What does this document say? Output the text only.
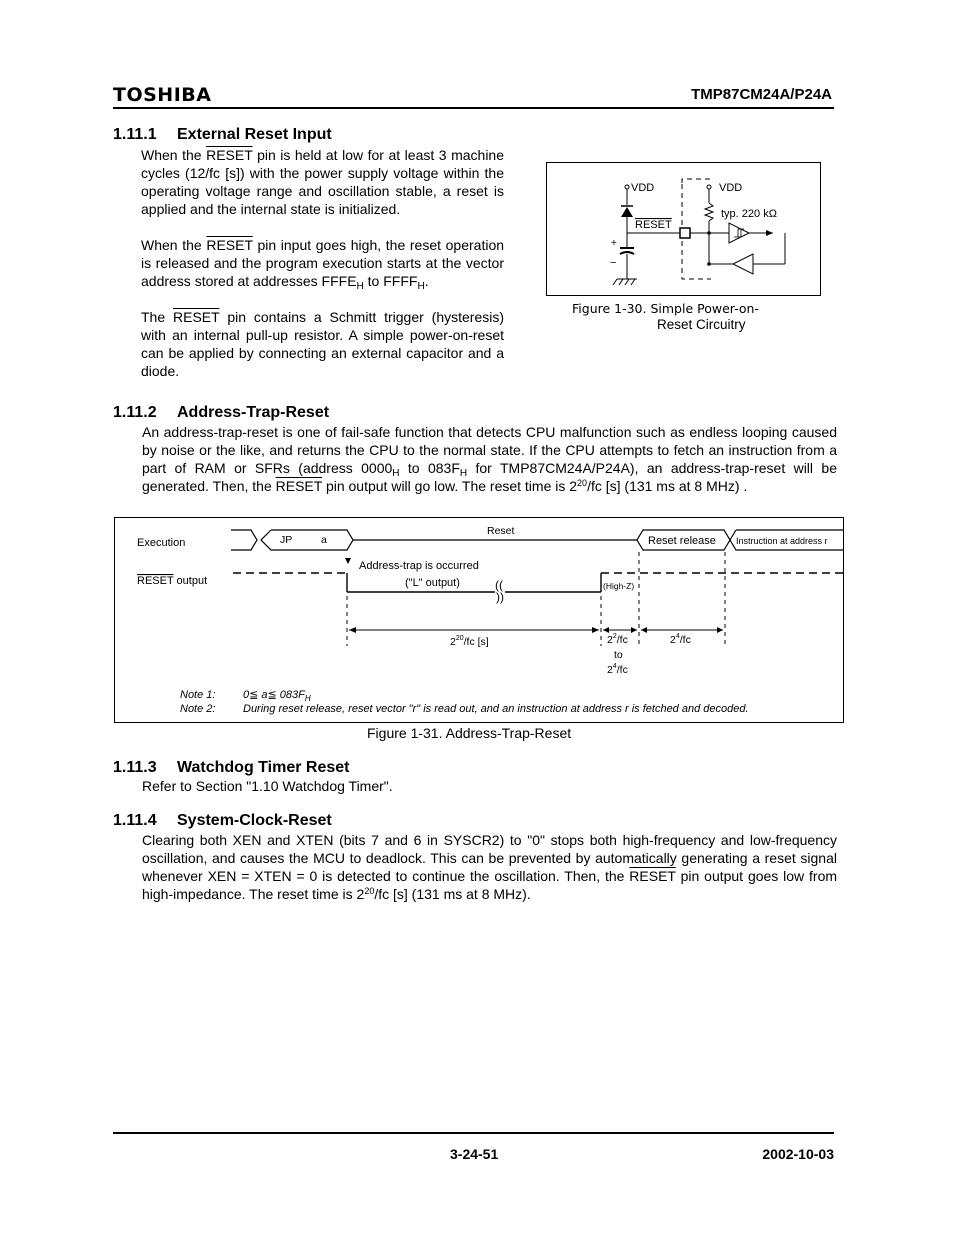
TOSHIBA	TMP87CM24A/P24A
1.11.1 External Reset Input
When the RESET pin is held at low for at least 3 machine cycles (12/fc [s]) with the power supply voltage within the operating voltage range and oscillation stable, a reset is applied and the internal state is initialized.
When the RESET pin input goes high, the reset operation is released and the program execution starts at the vector address stored at addresses $FFFE_H$ to $FFFF_H$.
The RESET pin contains a Schmitt trigger (hysteresis) with an internal pull-up resistor. A simple power-on-reset can be applied by connecting an external capacitor and a diode.
VDD
+
−
RESET
VDD
typ. 220 kΩ
Figure 1-30. Simple Power-on-
Reset Circuitry
1.11.2 Address-Trap-Reset
An address-trap-reset is one of fail-safe function that detects CPU malfunction such as endless looping caused by noise or the like, and returns the CPU to the normal state. If the CPU attempts to fetch an instruction from a part of RAM or SFRs (address $0000_H$ to $083F_H$ for TMP87CM24A/P24A), an address-trap-reset will be generated. Then, the RESET pin output will go low. The reset time is $2^{20}/fc$ [s] (131 ms at 8 MHz) .
Execution
RESET output
JP	a
Reset
Reset release Instruction at address r
((
))
Address-trap is occurred
("L" output)	(High-Z)
$2^{20}/fc$ [s]	$2^2/fc$
to
$2^4/fc$
$2^4/fc$
Note 1:	0≦ a≦ $083F_H$
Note 2:	During reset release, reset vector "r" is read out, and an instruction at address r is fetched and decoded.
Figure 1-31. Address-Trap-Reset
1.11.3 Watchdog Timer Reset
Refer to Section "1.10 Watchdog Timer".
1.11.4 System-Clock-Reset
Clearing both XEN and XTEN (bits 7 and 6 in SYSCR2) to "0" stops both high-frequency and low-frequency oscillation, and causes the MCU to deadlock. This can be prevented by automatically generating a reset signal whenever XEN = XTEN = 0 is detected to continue the oscillation. Then, the RESET pin output goes low from high-impedance. The reset time is $2^{20}/fc$ [s] (131 ms at 8 MHz).
3-24-51	2002-10-03
